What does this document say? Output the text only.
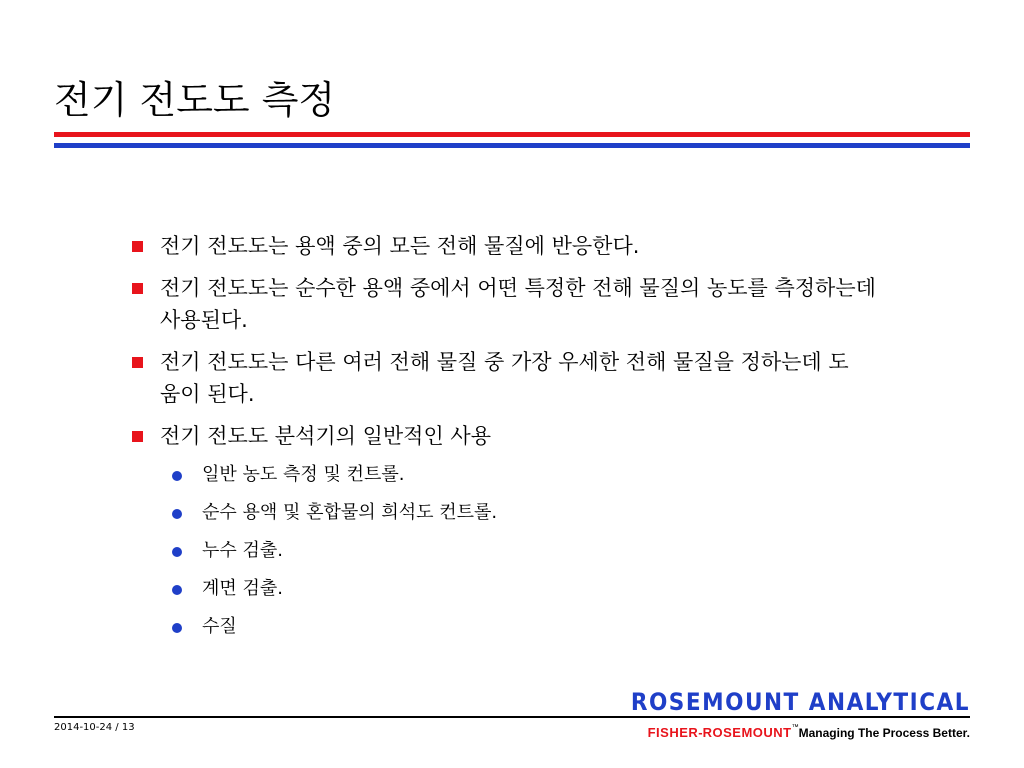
전기 전도도 측정
전기 전도도는 용액 중의 모든 전해 물질에 반응한다.
전기 전도도는 순수한 용액 중에서 어떤 특정한 전해 물질의 농도를 측정하는데 사용된다.
전기 전도도는 다른 여러 전해 물질 중 가장 우세한 전해 물질을 정하는데 도움이 된다.
전기 전도도 분석기의 일반적인 사용
일반 농도 측정 및 컨트롤.
순수 용액 및 혼합물의 희석도 컨트롤.
누수 검출.
계면 검출.
수질
ROSEMOUNT ANALYTICAL
2014-10-24 / 13	FISHER-ROSEMOUNT™Managing The Process Better.
